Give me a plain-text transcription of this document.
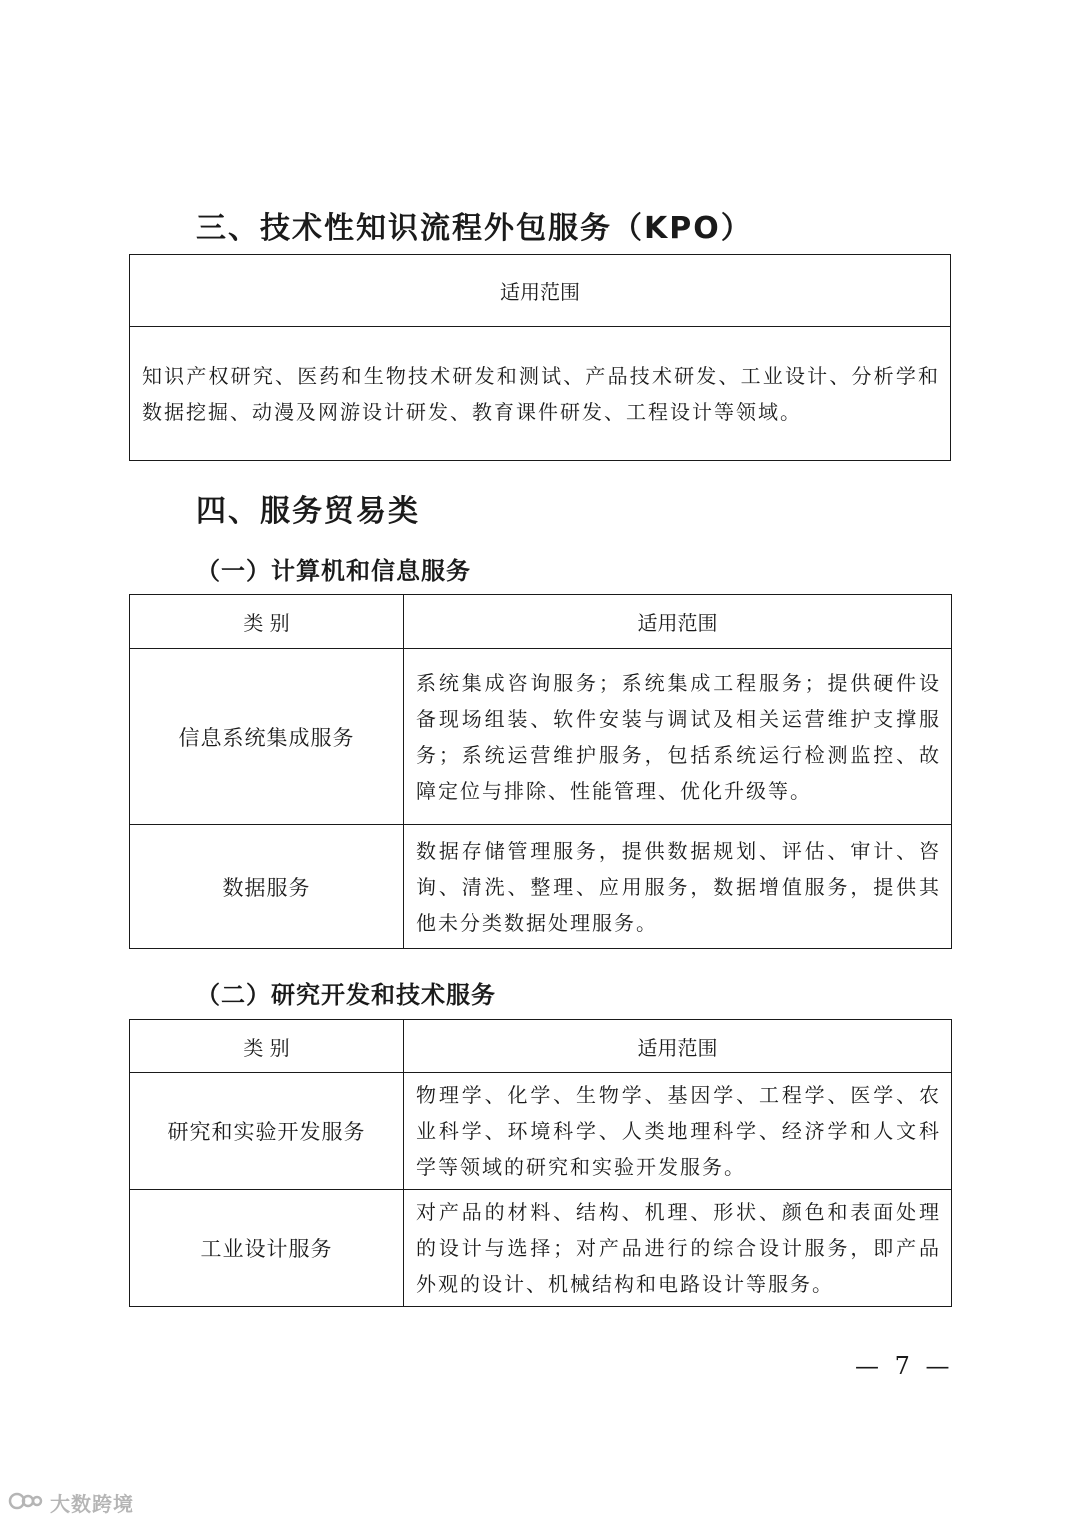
三、技术性知识流程外包服务（KPO）
适用范围
知识产权研究、医药和生物技术研发和测试、产品技术研发、工业设计、分析学和数据挖掘、动漫及网游设计研发、教育课件研发、工程设计等领域。
四、服务贸易类
（一）计算机和信息服务
类 别	适用范围
信息系统集成服务	系统集成咨询服务；系统集成工程服务；提供硬件设备现场组装、软件安装与调试及相关运营维护支撑服务；系统运营维护服务，包括系统运行检测监控、故障定位与排除、性能管理、优化升级等。
数据服务	数据存储管理服务，提供数据规划、评估、审计、咨询、清洗、整理、应用服务，数据增值服务，提供其他未分类数据处理服务。
（二）研究开发和技术服务
类 别	适用范围
研究和实验开发服务	物理学、化学、生物学、基因学、工程学、医学、农业科学、环境科学、人类地理科学、经济学和人文科学等领域的研究和实验开发服务。
工业设计服务	对产品的材料、结构、机理、形状、颜色和表面处理的设计与选择；对产品进行的综合设计服务，即产品外观的设计、机械结构和电路设计等服务。
— 7 —
大数跨境
